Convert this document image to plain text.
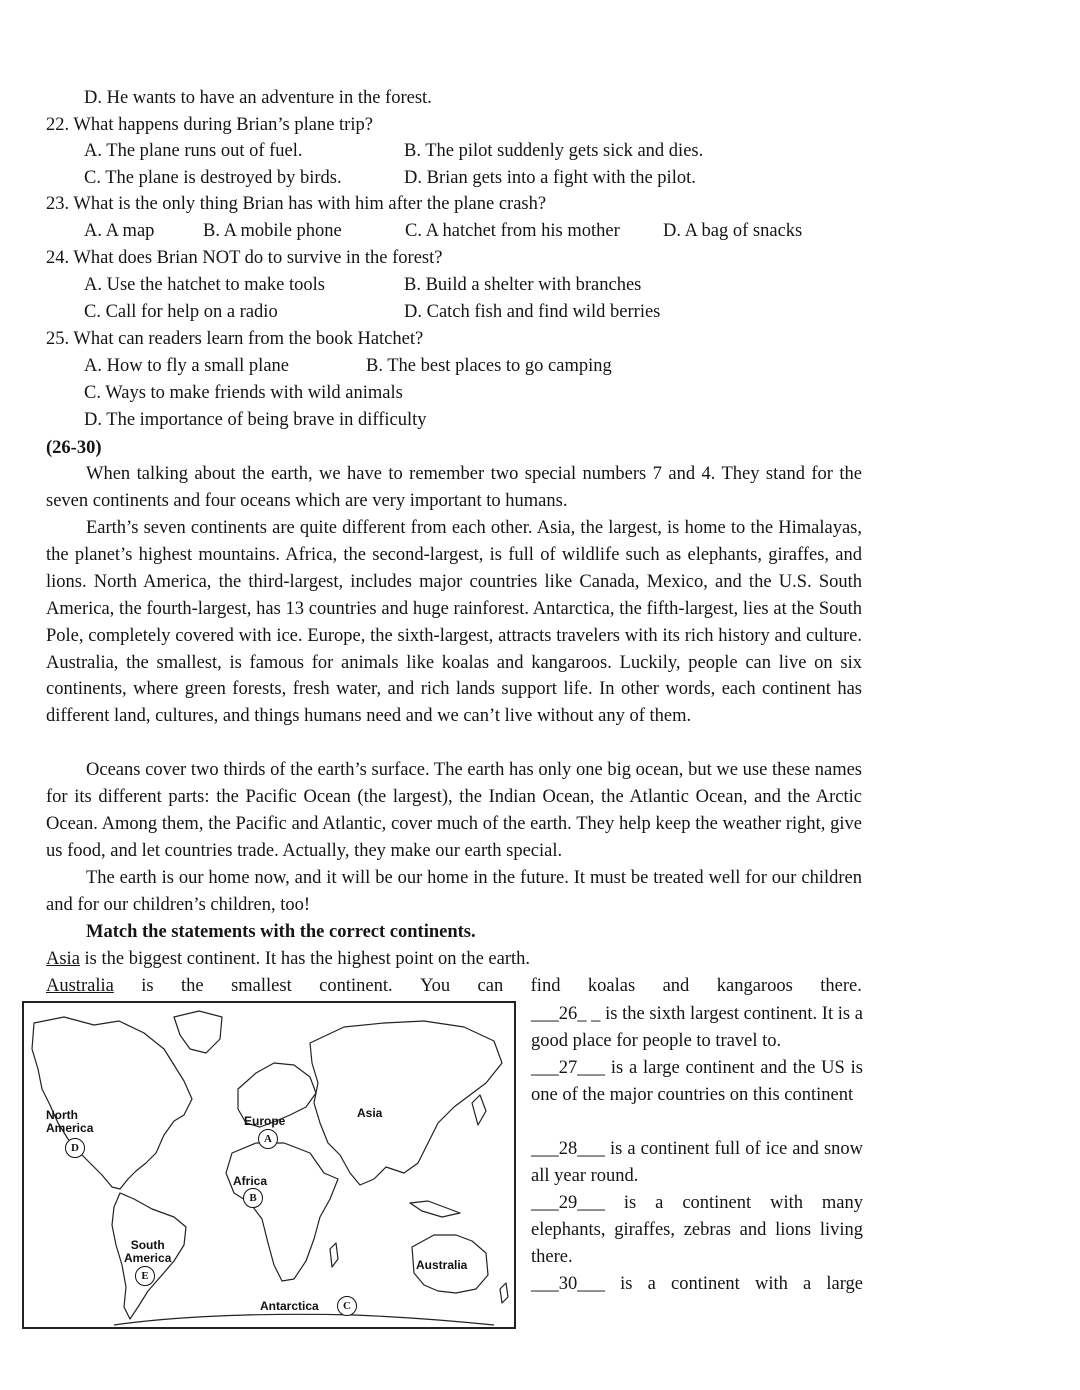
D. He wants to have an adventure in the forest.
22. What happens during Brian’s plane trip?
A. The plane runs out of fuel.	B. The pilot suddenly gets sick and dies.
C. The plane is destroyed by birds.	D. Brian gets into a fight with the pilot.
23. What is the only thing Brian has with him after the plane crash?
A. A map	B. A mobile phone	C. A hatchet from his mother D. A bag of snacks
24. What does Brian NOT do to survive in the forest?
A. Use the hatchet to make tools	B. Build a shelter with branches
C. Call for help on a radio	D. Catch fish and find wild berries
25. What can readers learn from the book Hatchet?
A. How to fly a small plane	B. The best places to go camping
C. Ways to make friends with wild animals
D. The importance of being brave in difficulty
(26-30)
When talking about the earth, we have to remember two special numbers 7 and 4. They stand for the seven continents and four oceans which are very important to humans.
Earth’s seven continents are quite different from each other. Asia, the largest, is home to the Himalayas, the planet’s highest mountains. Africa, the second-largest, is full of wildlife such as elephants, giraffes, and lions. North America, the third-largest, includes major countries like Canada, Mexico, and the U.S. South America, the fourth-largest, has 13 countries and huge rainforest. Antarctica, the fifth-largest, lies at the South Pole, completely covered with ice. Europe, the sixth-largest, attracts travelers with its rich history and culture. Australia, the smallest, is famous for animals like koalas and kangaroos. Luckily, people can live on six continents, where green forests, fresh water, and rich lands support life. In other words, each continent has different land, cultures, and things humans need and we can’t live without any of them.
Oceans cover two thirds of the earth’s surface. The earth has only one big ocean, but we use these names for its different parts: the Pacific Ocean (the largest), the Indian Ocean, the Atlantic Ocean, and the Arctic Ocean. Among them, the Pacific and Atlantic, cover much of the earth. They help keep the weather right, give us food, and let countries trade. Actually, they make our earth special.
The earth is our home now, and it will be our home in the future. It must be treated well for our children and for our children’s children, too!
Match the statements with the correct continents.
Asia is the biggest continent. It has the highest point on the earth.
Australia is the smallest continent. You can find koalas and kangaroos there.
___26_ _ is the sixth largest continent. It is a good place for people to travel to.
___27___ is a large continent and the US is one of the major countries on this continent
___28___ is a continent full of ice and snow all year round.
___29___ is a continent with many elephants, giraffes, zebras and lions living there.
___30___ is a continent with a large
North
America
D
Europe
A
Asia
Africa
B
South
America
E
Australia
Antarctica	C
